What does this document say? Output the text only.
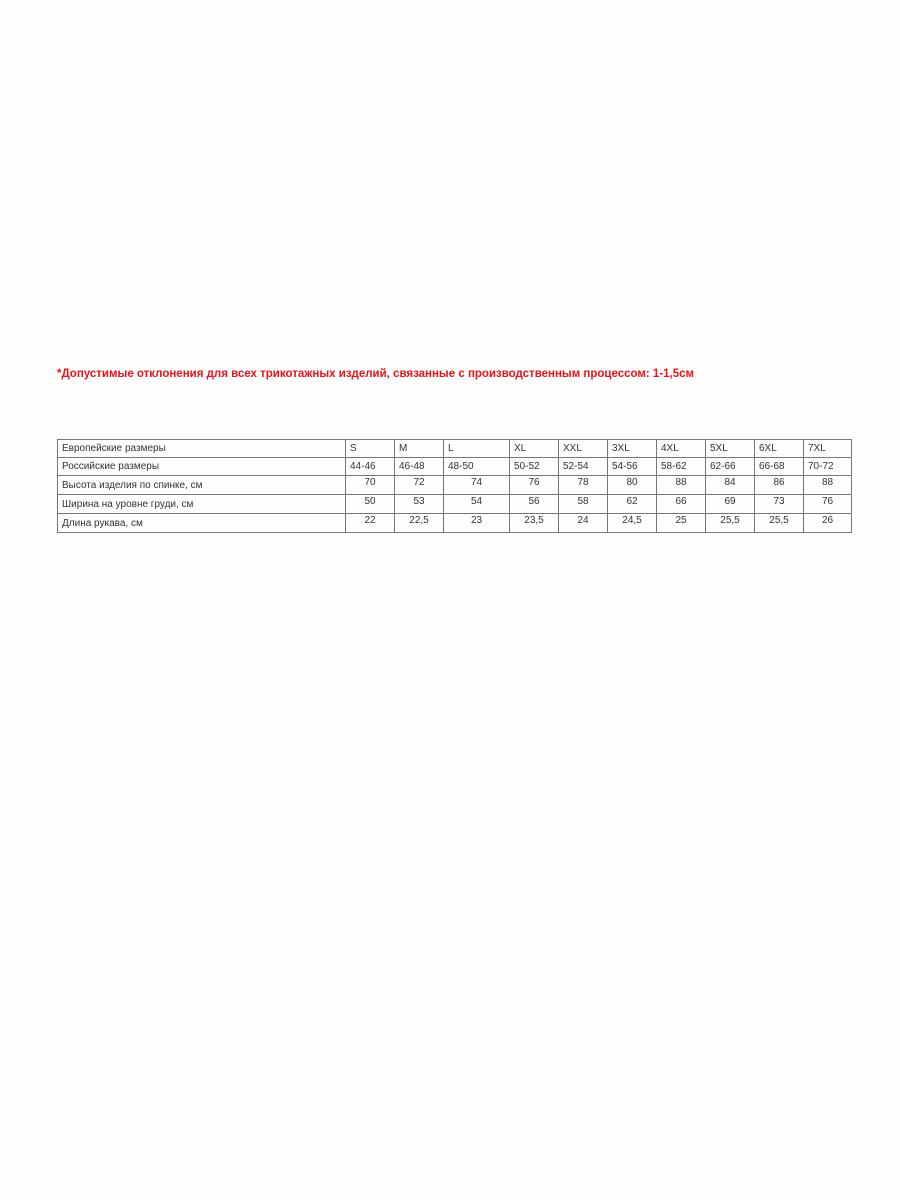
*Допустимые отклонения для всех трикотажных изделий, связанные с производственным процессом: 1-1,5см
Европейские размеры	S	M	L	XL	XXL	3XL	4XL	5XL	6XL	7XL
Российские размеры	44-46	46-48	48-50	50-52	52-54	54-56	58-62	62-66	66-68	70-72
Высота изделия по спинке, см	70	72	74	76	78	80	88	84	86	88
Ширина на уровне груди, см	50	53	54	56	58	62	66	69	73	76
Длина рукава, см	22	22,5	23	23,5	24	24,5	25	25,5	25,5	26
